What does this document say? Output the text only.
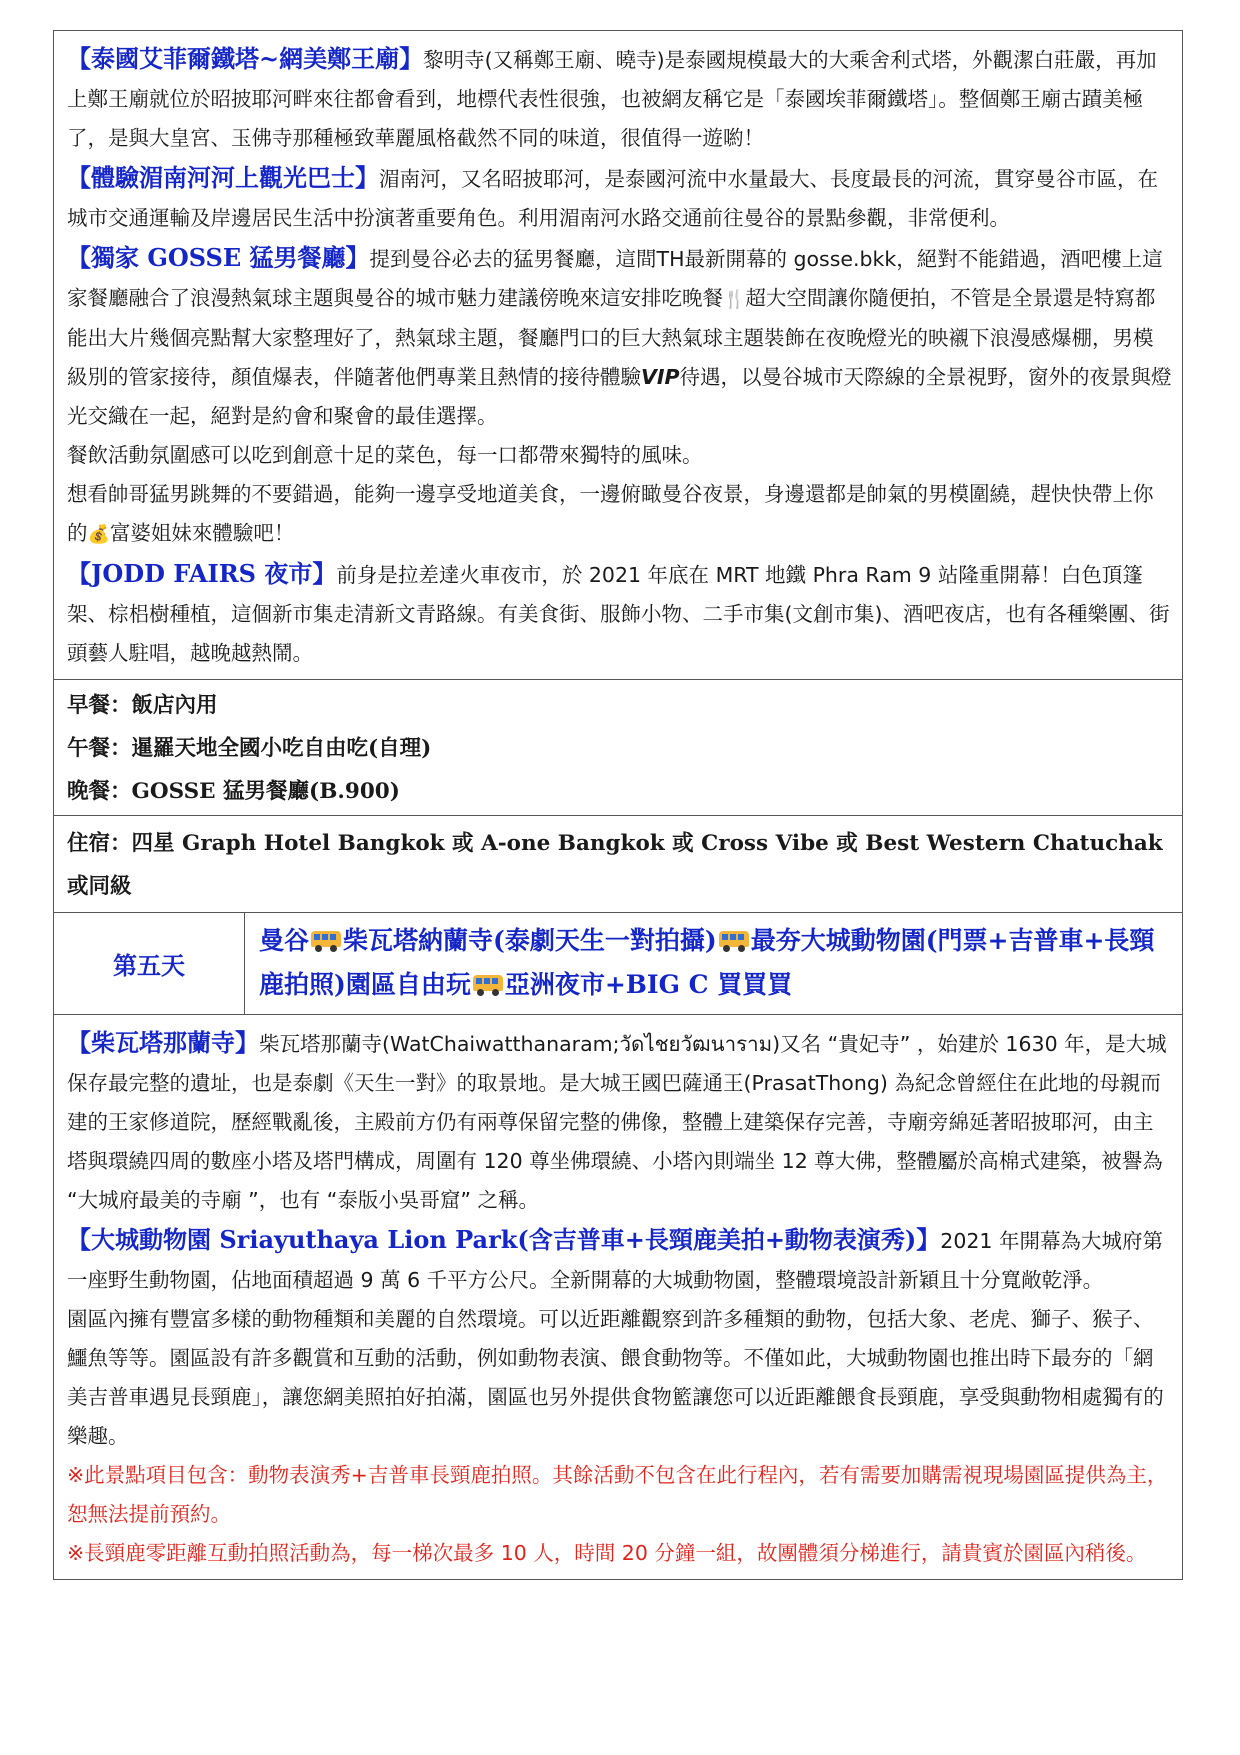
【泰國艾菲爾鐵塔~網美鄭王廟】黎明寺(又稱鄭王廟、曉寺)是泰國規模最大的大乘舍利式塔，外觀潔白莊嚴，再加上鄭王廟就位於昭披耶河畔來往都會看到，地標代表性很強，也被網友稱它是「泰國埃菲爾鐵塔」。整個鄭王廟古蹟美極了，是與大皇宮、玉佛寺那種極致華麗風格截然不同的味道，很值得一遊喲！

【體驗湄南河河上觀光巴士】湄南河，又名昭披耶河，是泰國河流中水量最大、長度最長的河流，貫穿曼谷市區，在城市交通運輸及岸邊居民生活中扮演著重要角色。利用湄南河水路交通前往曼谷的景點參觀，非常便利。

【獨家 GOSSE 猛男餐廳】提到曼谷必去的猛男餐廳，這間TH最新開幕的 gosse.bkk，絕對不能錯過，酒吧樓上這家餐廳融合了浪漫熱氣球主題與曼谷的城市魅力建議傍晚來這安排吃晚餐🍴超大空間讓你隨便拍，不管是全景還是特寫都能出大片幾個亮點幫大家整理好了，熱氣球主題，餐廳門口的巨大熱氣球主題裝飾在夜晚燈光的映襯下浪漫感爆棚，男模級別的管家接待，顏值爆表，伴隨著他們專業且熱情的接待體驗VIP待遇，以曼谷城市天際線的全景視野，窗外的夜景與燈光交織在一起，絕對是約會和聚會的最佳選擇。

餐飲活動氛圍感可以吃到創意十足的菜色，每一口都帶來獨特的風味。

想看帥哥猛男跳舞的不要錯過，能夠一邊享受地道美食，一邊俯瞰曼谷夜景，身邊還都是帥氣的男模圍繞，趕快快帶上你的💰富婆姐妹來體驗吧！

【JODD FAIRS 夜市】前身是拉差達火車夜市，於 2021 年底在 MRT 地鐵 Phra Ram 9 站隆重開幕！白色頂篷架、棕梠樹種植，這個新市集走清新文青路線。有美食街、服飾小物、二手市集(文創市集)、酒吧夜店，也有各種樂團、街頭藝人駐唱，越晚越熱鬧。

早餐：飯店內用
午餐：暹羅天地全國小吃自由吃(自理)
晚餐：GOSSE 猛男餐廳(B.900)
住宿：四星 Graph Hotel Bangkok 或 A-one Bangkok 或 Cross Vibe 或 Best Western Chatuchak 或同級
第五天
曼谷 柴瓦塔納蘭寺(泰劇天生一對拍攝) 最夯大城動物園(門票+吉普車+長頸鹿拍照)園區自由玩 亞洲夜市+BIG C 買買買

【柴瓦塔那蘭寺】柴瓦塔那蘭寺(WatChaiwatthanaram;วัดไชยวัฒนาราม)又名 “貴妃寺” ，始建於 1630 年，是大城保存最完整的遺址，也是泰劇《天生一對》的取景地。是大城王國巴薩通王(PrasatThong) 為紀念曾經住在此地的母親而建的王家修道院，歷經戰亂後，主殿前方仍有兩尊保留完整的佛像，整體上建築保存完善，寺廟旁綿延著昭披耶河，由主塔與環繞四周的數座小塔及塔門構成，周圍有 120 尊坐佛環繞、小塔內則端坐 12 尊大佛，整體屬於高棉式建築，被譽為 “大城府最美的寺廟 ”，也有 “泰版小吳哥窟” 之稱。

【大城動物園 Sriayuthaya Lion Park(含吉普車+長頸鹿美拍+動物表演秀)】2021 年開幕為大城府第一座野生動物園，佔地面積超過 9 萬 6 千平方公尺。全新開幕的大城動物園，整體環境設計新穎且十分寬敞乾淨。

園區內擁有豐富多樣的動物種類和美麗的自然環境。可以近距離觀察到許多種類的動物，包括大象、老虎、獅子、猴子、鱷魚等等。園區設有許多觀賞和互動的活動，例如動物表演、餵食動物等。不僅如此，大城動物園也推出時下最夯的「網美吉普車遇見長頸鹿」，讓您網美照拍好拍滿，園區也另外提供食物籃讓您可以近距離餵食長頸鹿，享受與動物相處獨有的樂趣。

※此景點項目包含：動物表演秀+吉普車長頸鹿拍照。其餘活動不包含在此行程內，若有需要加購需視現場園區提供為主，恕無法提前預約。

※長頸鹿零距離互動拍照活動為，每一梯次最多 10 人，時間 20 分鐘一組，故團體須分梯進行，請貴賓於園區內稍後。
